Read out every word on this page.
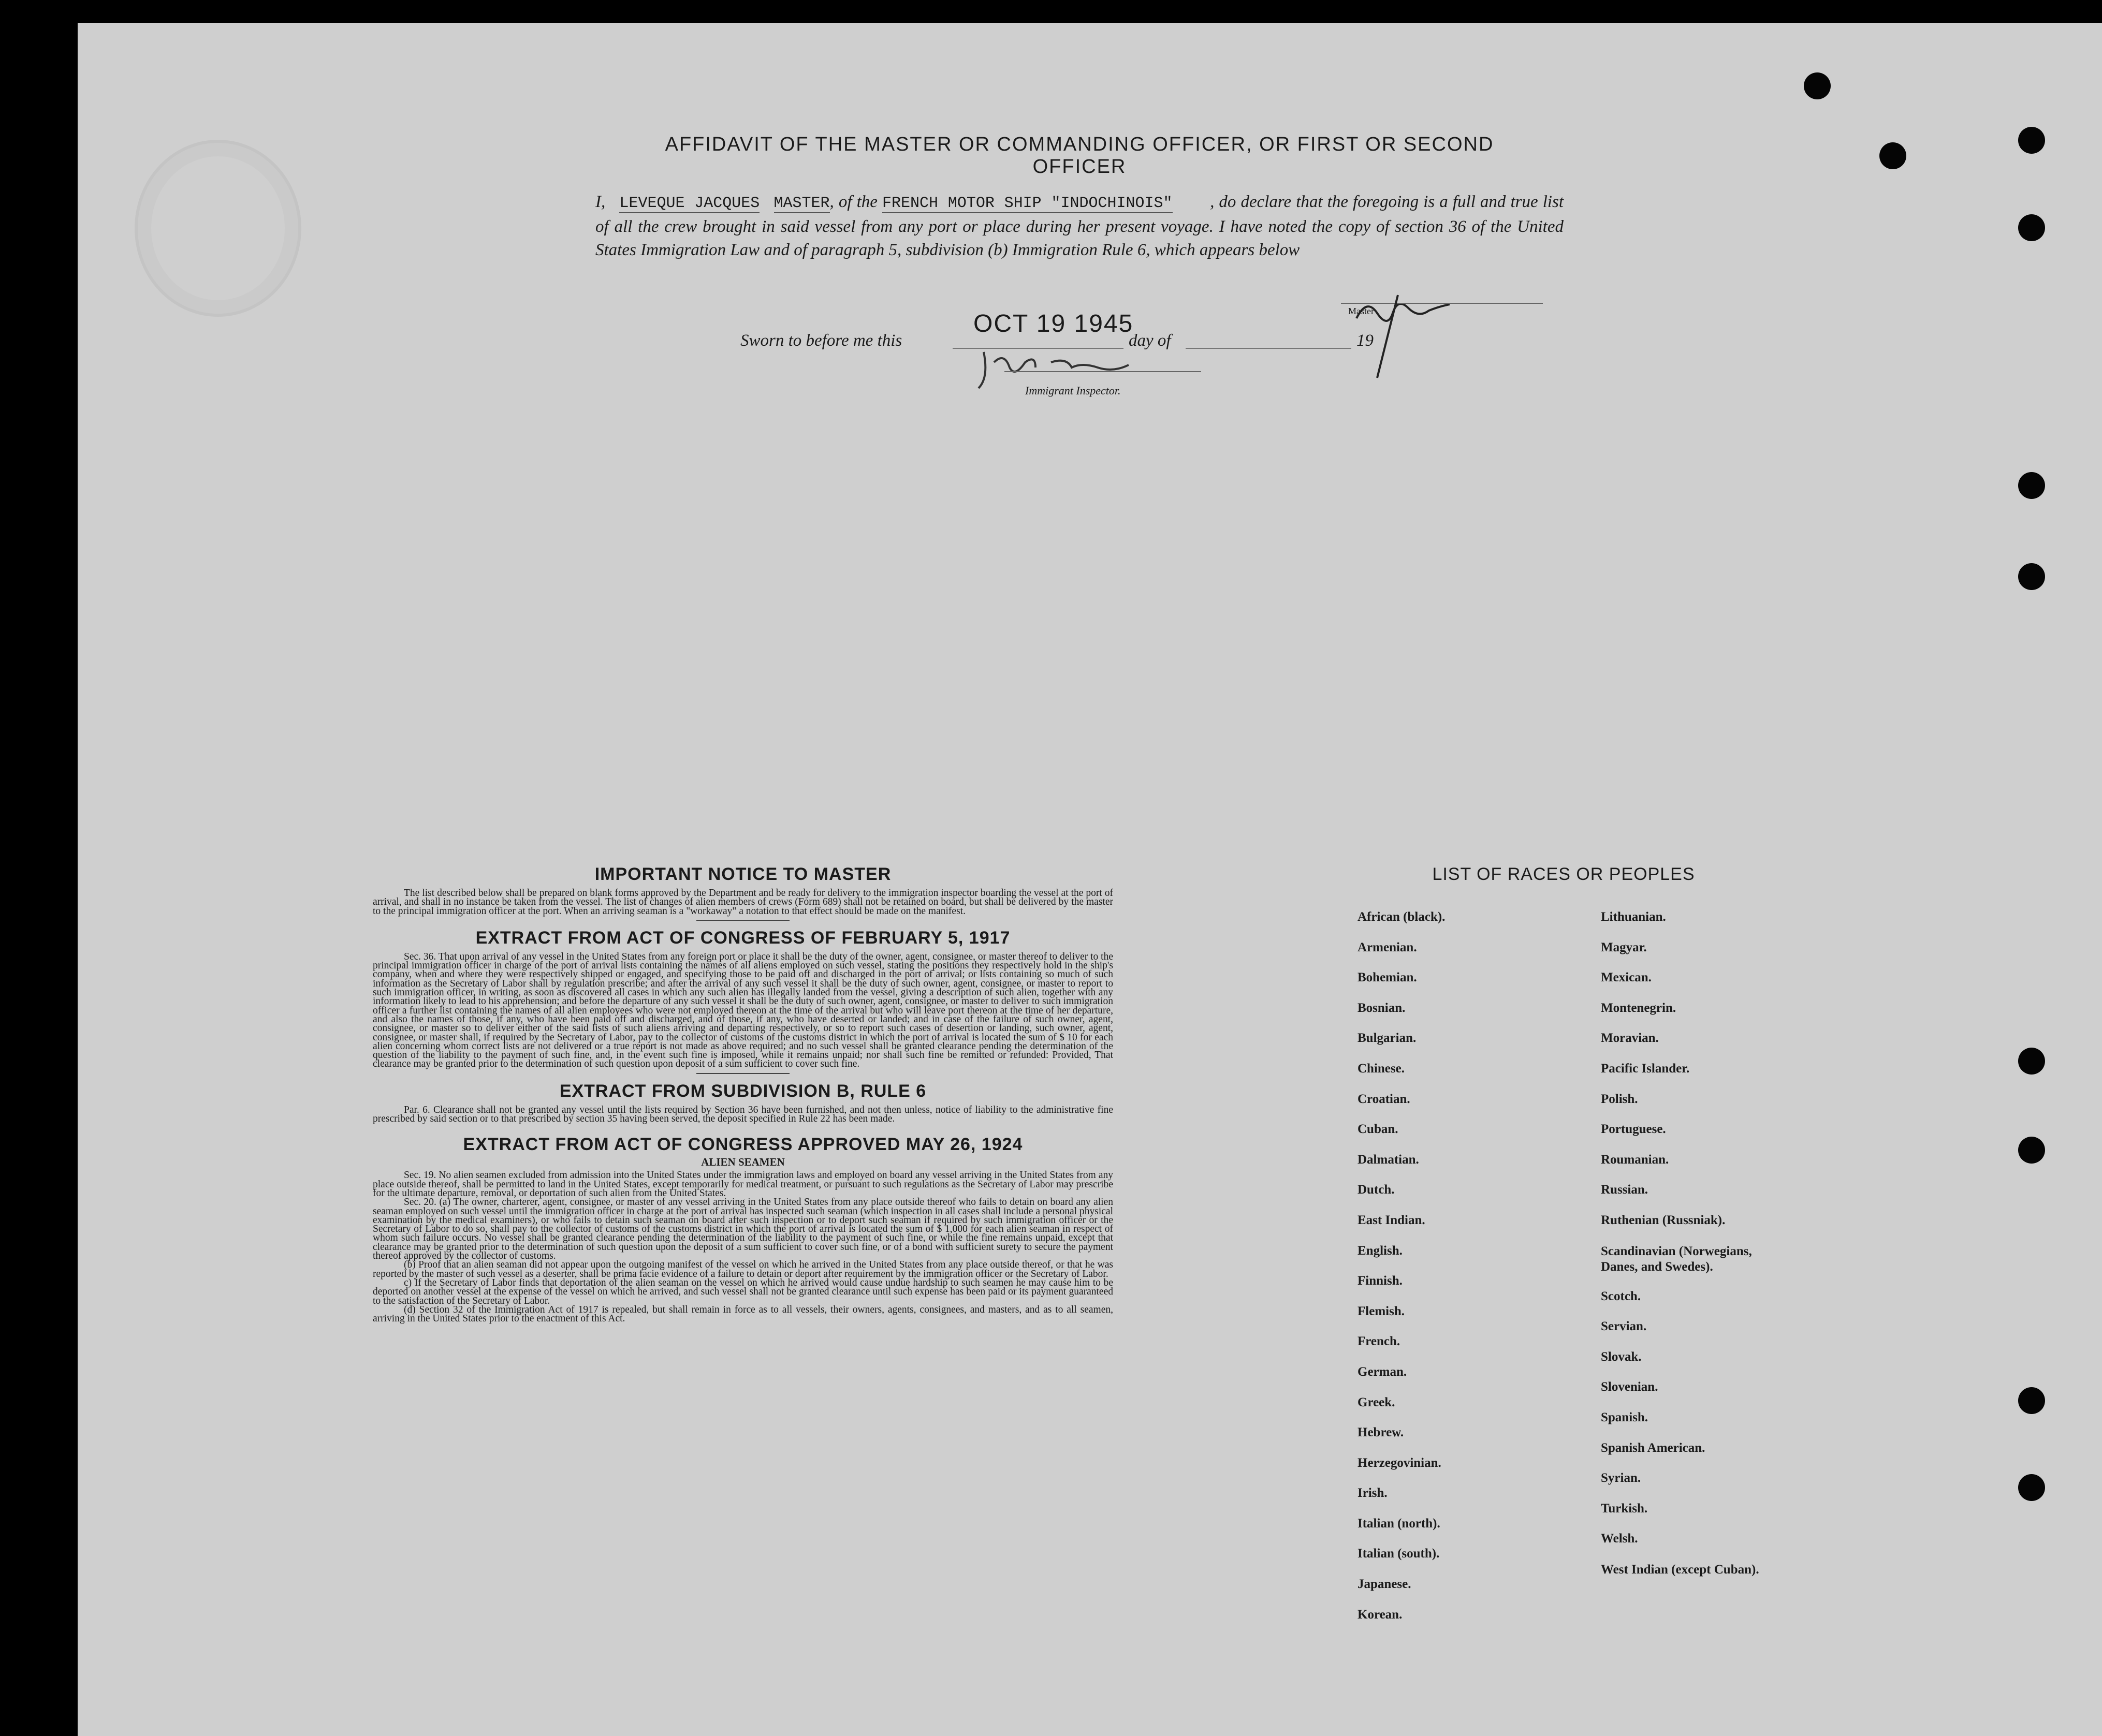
AFFIDAVIT OF THE MASTER OR COMMANDING OFFICER, OR FIRST OR SECOND OFFICER
I, LEVEQUE JACQUES MASTER, of the FRENCH MOTOR SHIP "INDOCHINOIS" , do declare that the foregoing is a full and true list of all the crew brought in said vessel from any port or place during her present voyage. I have noted the copy of section 36 of the United States Immigration Law and of paragraph 5, subdivision (b) Immigration Rule 6, which appears below
Master
Sworn to before me this
OCT 19 1945
day of	19
Immigrant Inspector.
IMPORTANT NOTICE TO MASTER

The list described below shall be prepared on blank forms approved by the Department and be ready for delivery to the immigration inspector boarding the vessel at the port of arrival, and shall in no instance be taken from the vessel. The list of changes of alien members of crews (Form 689) shall not be retained on board, but shall be delivered by the master to the principal immigration officer at the port. When an arriving seaman is a "workaway" a notation to that effect should be made on the manifest.

EXTRACT FROM ACT OF CONGRESS OF FEBRUARY 5, 1917

Sec. 36. That upon arrival of any vessel in the United States from any foreign port or place it shall be the duty of the owner, agent, consignee, or master thereof to deliver to the principal immigration officer in charge of the port of arrival lists containing the names of all aliens employed on such vessel, stating the positions they respectively hold in the ship's company, when and where they were respectively shipped or engaged, and specifying those to be paid off and discharged in the port of arrival; or lists containing so much of such information as the Secretary of Labor shall by regulation prescribe; and after the arrival of any such vessel it shall be the duty of such owner, agent, consignee, or master to report to such immigration officer, in writing, as soon as discovered all cases in which any such alien has illegally landed from the vessel, giving a description of such alien, together with any information likely to lead to his apprehension; and before the departure of any such vessel it shall be the duty of such owner, agent, consignee, or master to deliver to such immigration officer a further list containing the names of all alien employees who were not employed thereon at the time of the arrival but who will leave port thereon at the time of her departure, and also the names of those, if any, who have been paid off and discharged, and of those, if any, who have deserted or landed; and in case of the failure of such owner, agent, consignee, or master so to deliver either of the said lists of such aliens arriving and departing respectively, or so to report such cases of desertion or landing, such owner, agent, consignee, or master shall, if required by the Secretary of Labor, pay to the collector of customs of the customs district in which the port of arrival is located the sum of $ 10 for each alien concerning whom correct lists are not delivered or a true report is not made as above required; and no such vessel shall be granted clearance pending the determination of the question of the liability to the payment of such fine, and, in the event such fine is imposed, while it remains unpaid; nor shall such fine be remitted or refunded: Provided, That clearance may be granted prior to the determination of such question upon deposit of a sum sufficient to cover such fine.

EXTRACT FROM SUBDIVISION B, RULE 6

Par. 6. Clearance shall not be granted any vessel until the lists required by Section 36 have been furnished, and not then unless, notice of liability to the administrative fine prescribed by said section or to that prescribed by section 35 having been served, the deposit specified in Rule 22 has been made.

EXTRACT FROM ACT OF CONGRESS APPROVED MAY 26, 1924
ALIEN SEAMEN

Sec. 19. No alien seamen excluded from admission into the United States under the immigration laws and employed on board any vessel arriving in the United States from any place outside thereof, shall be permitted to land in the United States, except temporarily for medical treatment, or pursuant to such regulations as the Secretary of Labor may prescribe for the ultimate departure, removal, or deportation of such alien from the United States.

Sec. 20. (a) The owner, charterer, agent, consignee, or master of any vessel arriving in the United States from any place outside thereof who fails to detain on board any alien seaman employed on such vessel until the immigration officer in charge at the port of arrival has inspected such seaman (which inspection in all cases shall include a personal physical examination by the medical examiners), or who fails to detain such seaman on board after such inspection or to deport such seaman if required by such immigration officer or the Secretary of Labor to do so, shall pay to the collector of customs of the customs district in which the port of arrival is located the sum of $ 1,000 for each alien seaman in respect of whom such failure occurs. No vessel shall be granted clearance pending the determination of the liability to the payment of such fine, or while the fine remains unpaid, except that clearance may be granted prior to the determination of such question upon the deposit of a sum sufficient to cover such fine, or of a bond with sufficient surety to secure the payment thereof approved by the collector of customs.

(b) Proof that an alien seaman did not appear upon the outgoing manifest of the vessel on which he arrived in the United States from any place outside thereof, or that he was reported by the master of such vessel as a deserter, shall be prima facie evidence of a failure to detain or deport after requirement by the immigration officer or the Secretary of Labor.

c) If the Secretary of Labor finds that deportation of the alien seaman on the vessel on which he arrived would cause undue hardship to such seamen he may cause him to be deported on another vessel at the expense of the vessel on which he arrived, and such vessel shall not be granted clearance until such expense has been paid or its payment guaranteed to the satisfaction of the Secretary of Labor.

(d) Section 32 of the Immigration Act of 1917 is repealed, but shall remain in force as to all vessels, their owners, agents, consignees, and masters, and as to all seamen, arriving in the United States prior to the enactment of this Act.

LIST OF RACES OR PEOPLES
African (black).
Armenian.
Bohemian.
Bosnian.
Bulgarian.
Chinese.
Croatian.
Cuban.
Dalmatian.
Dutch.
East Indian.
English.
Finnish.
Flemish.
French.
German.
Greek.
Hebrew.
Herzegovinian.
Irish.
Italian (north).
Italian (south).
Japanese.
Korean.
Lithuanian.
Magyar.
Mexican.
Montenegrin.
Moravian.
Pacific Islander.
Polish.
Portuguese.
Roumanian.
Russian.
Ruthenian (Russniak).
Scandinavian (Norwegians, Danes, and Swedes).
Scotch.
Servian.
Slovak.
Slovenian.
Spanish.
Spanish American.
Syrian.
Turkish.
Welsh.
West Indian (except Cuban).
